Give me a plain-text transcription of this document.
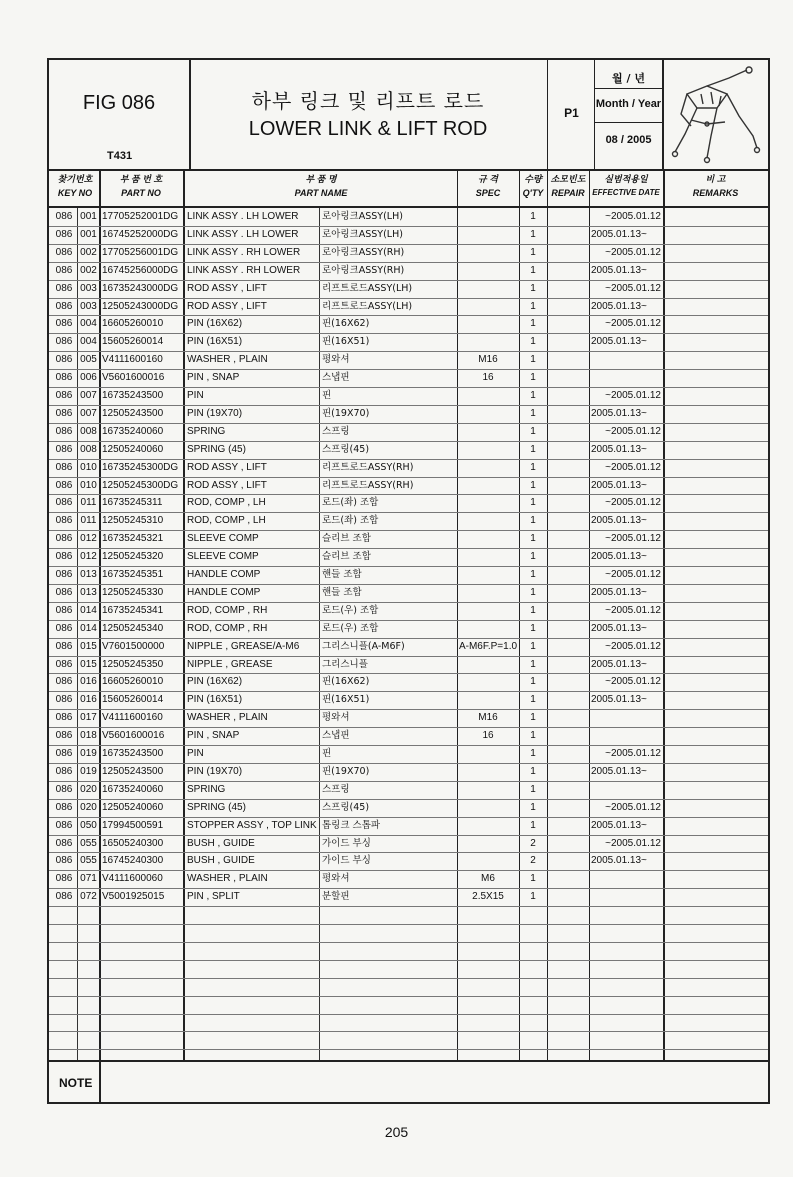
FIG 086
T431
하부 링크 및 리프트 로드
LOWER LINK & LIFT ROD
P1
월 / 년
Month / Year
08 / 2005
찾기번호
KEY NO
부 품 번 호
PART NO
부 품 명
PART NAME
규 격
SPEC
수량
Q'TY
소모빈도
REPAIR
실범적용일
EFFECTIVE DATE
비 고
REMARKS
086 001 17705252001DG LINK ASSY . LH LOWER	로아링크ASSY(LH)	1	~2005.01.12
086 001 16745252000DG LINK ASSY . LH LOWER	로아링크ASSY(LH)	1	2005.01.13~
086 002 17705256001DG LINK ASSY . RH LOWER	로아링크ASSY(RH)	1	~2005.01.12
086 002 16745256000DG LINK ASSY . RH LOWER	로아링크ASSY(RH)	1	2005.01.13~
086 003 16735243000DG ROD ASSY , LIFT	리프트로드ASSY(LH)	1	~2005.01.12
086 003 12505243000DG ROD ASSY , LIFT	리프트로드ASSY(LH)	1	2005.01.13~
086 004 16605260010	PIN (16X62)	핀(16X62)	1	~2005.01.12
086 004 15605260014	PIN (16X51)	핀(16X51)	1	2005.01.13~
086 005 V4111600160	WASHER , PLAIN	평와셔	M16	1
086 006 V5601600016	PIN , SNAP	스냅핀	16	1
086 007 16735243500	PIN	핀	1	~2005.01.12
086 007 12505243500	PIN (19X70)	핀(19X70)	1	2005.01.13~
086 008 16735240060	SPRING	스프링	1	~2005.01.12
086 008 12505240060	SPRING (45)	스프링(45)	1	2005.01.13~
086 010 16735245300DG ROD ASSY , LIFT	리프트로드ASSY(RH)	1	~2005.01.12
086 010 12505245300DG ROD ASSY , LIFT	리프트로드ASSY(RH)	1	2005.01.13~
086 011 16735245311	ROD, COMP , LH	로드(좌) 조합	1	~2005.01.12
086 011 12505245310	ROD, COMP , LH	로드(좌) 조합	1	2005.01.13~
086 012 16735245321	SLEEVE COMP	슬리브 조합	1	~2005.01.12
086 012 12505245320	SLEEVE COMP	슬리브 조합	1	2005.01.13~
086 013 16735245351	HANDLE COMP	핸들 조합	1	~2005.01.12
086 013 12505245330	HANDLE COMP	핸들 조합	1	2005.01.13~
086 014 16735245341	ROD, COMP , RH	로드(우) 조합	1	~2005.01.12
086 014 12505245340	ROD, COMP , RH	로드(우) 조합	1	2005.01.13~
086 015 V7601500000	NIPPLE , GREASE/A-M6	그리스니플(A-M6F)	A-M6F.P=1.0	1	~2005.01.12
086 015 12505245350	NIPPLE , GREASE	그리스니플	1	2005.01.13~
086 016 16605260010	PIN (16X62)	핀(16X62)	1	~2005.01.12
086 016 15605260014	PIN (16X51)	핀(16X51)	1	2005.01.13~
086 017 V4111600160	WASHER , PLAIN	평와셔	M16	1
086 018 V5601600016	PIN , SNAP	스냅핀	16	1
086 019 16735243500	PIN	핀	1	~2005.01.12
086 019 12505243500	PIN (19X70)	핀(19X70)	1	2005.01.13~
086 020 16735240060	SPRING	스프링	1
086 020 12505240060	SPRING (45)	스프링(45)	1	~2005.01.12
086 050 17994500591	STOPPER ASSY , TOP LINK 톱링크 스톱파	1	2005.01.13~
086 055 16505240300	BUSH , GUIDE	가이드 부싱	2	~2005.01.12
086 055 16745240300	BUSH , GUIDE	가이드 부싱	2	2005.01.13~
086 071 V4111600060	WASHER , PLAIN	평와셔	M6	1
086 072 V5001925015	PIN , SPLIT	분할핀	2.5X15	1
NOTE
205
